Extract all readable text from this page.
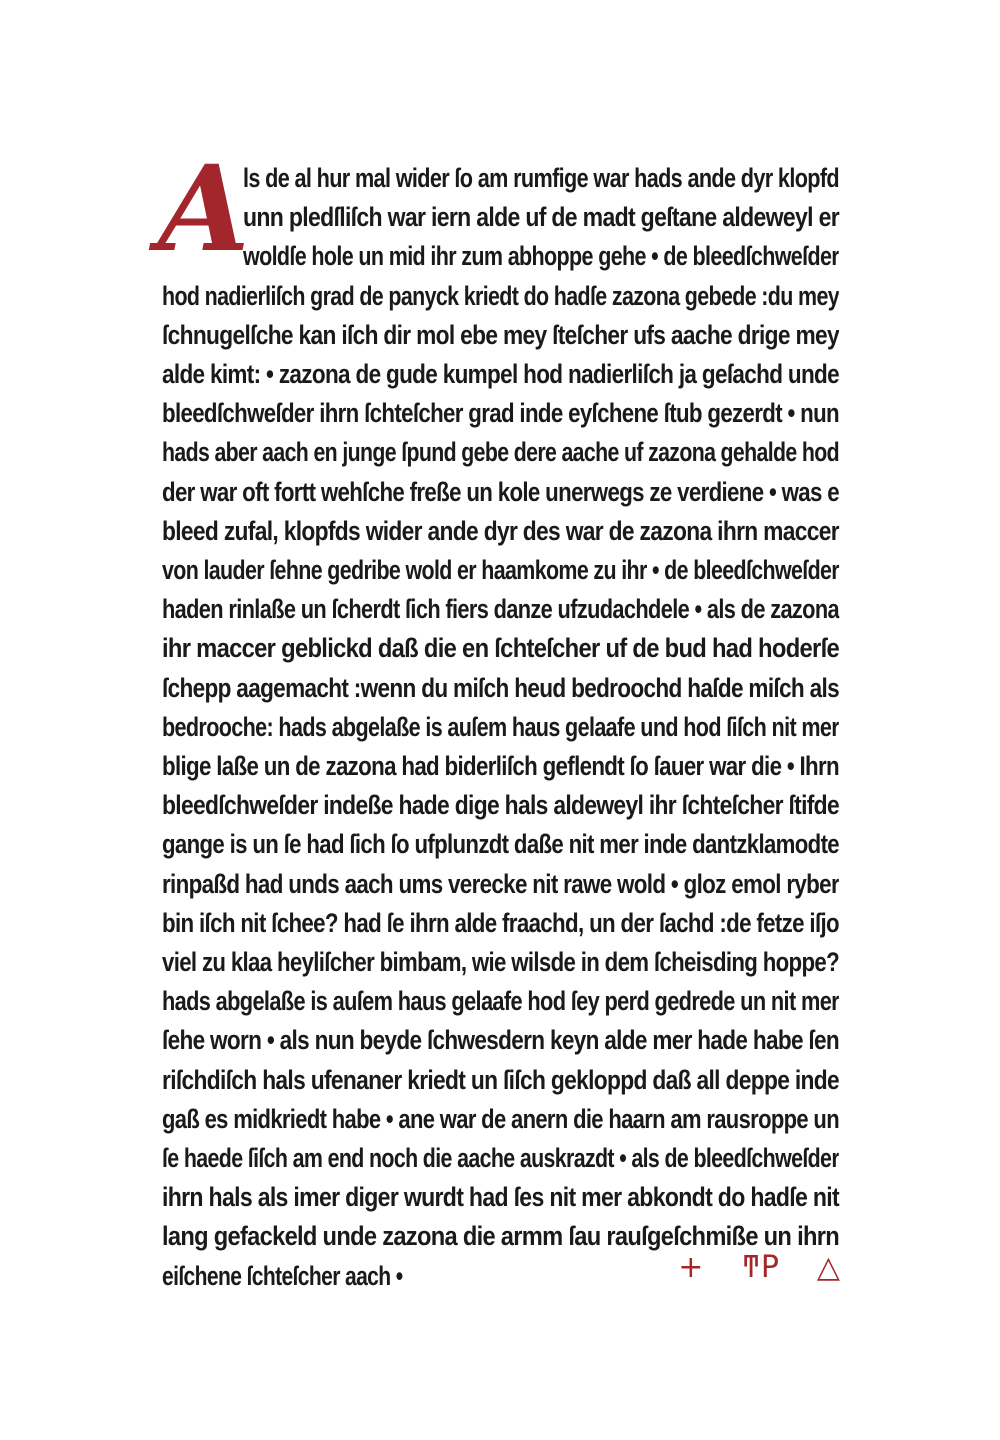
A
ls de al hur mal wider ſo am rumfige war hads ande dyr klopfd
unn pledſliſch war iern alde uf de madt geſtane aldeweyl er
woldſe hole un mid ihr zum abhoppe gehe • de bleedſchweſder
hod nadierliſch grad de panyck kriedt do hadſe zazona gebede :du mey
ſchnugelſche kan iſch dir mol ebe mey ſteſcher ufs aache drige mey
alde kimt: • zazona de gude kumpel hod nadierliſch ja geſachd unde
bleedſchweſder ihrn ſchteſcher grad inde eyſchene ſtub gezerdt • nun
hads aber aach en junge ſpund gebe dere aache uf zazona gehalde hod
der war oft fortt wehſche freße un kole unerwegs ze verdiene • was e
bleed zufal, klopfds wider ande dyr des war de zazona ihrn maccer
von lauder ſehne gedribe wold er haamkome zu ihr • de bleedſchweſder
haden rinlaße un ſcherdt ſich fiers danze ufzudachdele • als de zazona
ihr maccer geblickd daß die en ſchteſcher uf de bud had hoderſe
ſchepp aagemacht :wenn du miſch heud bedroochd haſde miſch als
bedrooche: hads abgelaße is auſem haus gelaafe und hod ſiſch nit mer
blige laße un de zazona had biderliſch geflendt ſo ſauer war die • Ihrn
bleedſchweſder indeße hade dige hals aldeweyl ihr ſchteſcher ſtifde
gange is un ſe had ſich ſo ufplunzdt daße nit mer inde dantzklamodte
rinpaßd had unds aach ums verecke nit rawe wold • gloz emol ryber
bin iſch nit ſchee? had ſe ihrn alde fraachd, un der ſachd :de fetze iſjo
viel zu klaa heyliſcher bimbam, wie wilsde in dem ſcheisding hoppe?
hads abgelaße is auſem haus gelaafe hod ſey perd gedrede un nit mer
ſehe worn • als nun beyde ſchwesdern keyn alde mer hade habe ſen
riſchdiſch hals ufenaner kriedt un ſiſch gekloppd daß all deppe inde
gaß es midkriedt habe • ane war de anern die haarn am rausroppe un
ſe haede ſiſch am end noch die aache auskrazdt • als de bleedſchweſder
ihrn hals als imer diger wurdt had ſes nit mer abkondt do hadſe nit
lang gefackeld unde zazona die armm ſau rauſgeſchmiße un ihrn
eiſchene ſchteſcher aach •	+ ͳP △
